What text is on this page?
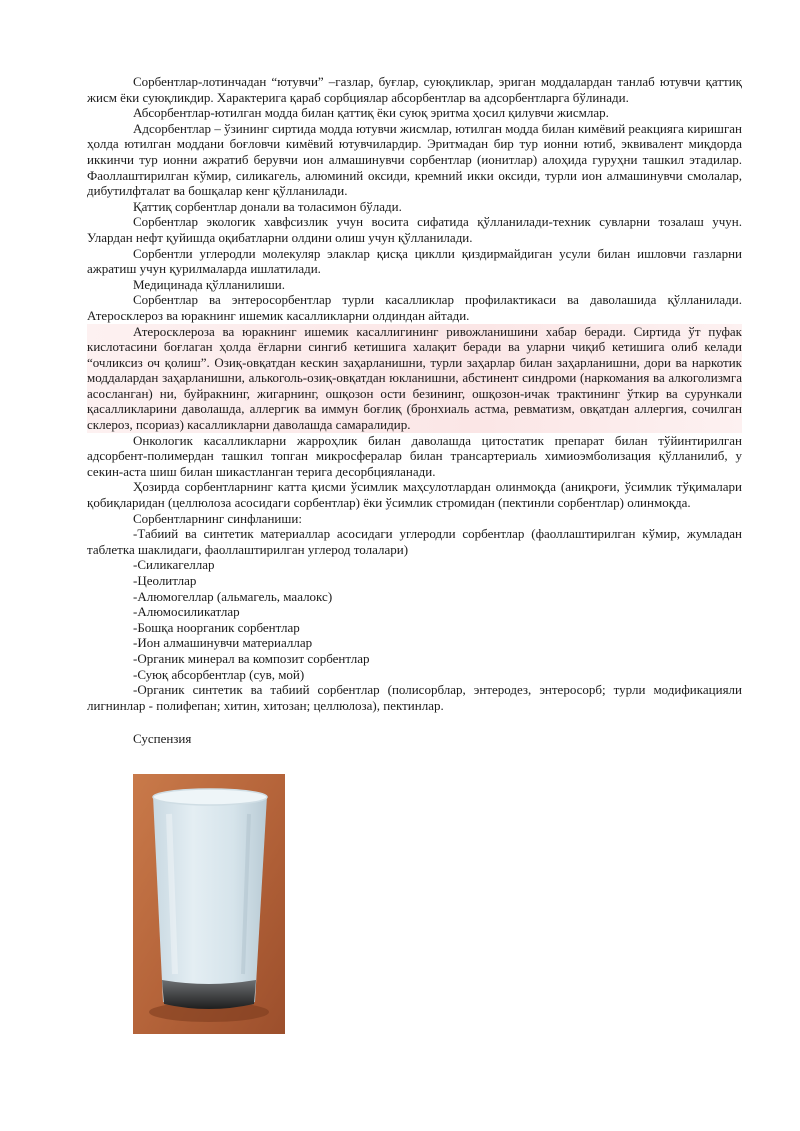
Сорбентлар-лотинчадан “ютувчи” –газлар, буғлар, суюқликлар, эриган моддалардан танлаб ютувчи қаттиқ жисм ёки суюқликдир. Характерига қараб сорбциялар абсорбентлар ва адсорбентларга бўлинади.

Абсорбентлар-ютилган модда билан қаттиқ ёки суюқ эритма ҳосил қилувчи жисмлар.

Адсорбентлар – ўзининг сиртида модда ютувчи жисмлар, ютилган модда билан кимёвий реакцияга киришган ҳолда ютилган моддани боғловчи кимёвий ютувчилардир. Эритмадан бир тур ионни ютиб, эквивалент миқдорда иккинчи тур ионни ажратиб берувчи ион алмашинувчи сорбентлар (ионитлар) алоҳида гуруҳни ташкил этадилар. Фаоллаштирилган кўмир, силикагель, алюминий оксиди, кремний икки оксиди, турли ион алмашинувчи смолалар, дибутилфталат ва бошқалар кенг қўлланилади.

Қаттиқ сорбентлар донали ва толасимон бўлади.

Сорбентлар экологик хавфсизлик учун восита сифатида қўлланилади-техник сувларни тозалаш учун. Улардан нефт қуйишда оқибатларни олдини олиш учун қўлланилади.

Сорбентли углеродли молекуляр элаклар қисқа циклли қиздирмайдиган усули билан ишловчи газларни ажратиш учун қурилмаларда ишлатилади.

Медицинада қўлланилиши.

Сорбентлар ва энтеросорбентлар турли касалликлар профилактикаси ва даволашида қўлланилади. Атеросклероз ва юракнинг ишемик касалликларни олдиндан айтади.

Атеросклероза ва юракнинг ишемик касаллигининг ривожланишини хабар беради. Сиртида ўт пуфак кислотасини боғлаган ҳолда ёғларни сингиб кетишига халақит беради ва уларни чиқиб кетишига олиб келади “очликсиз оч қолиш”. Озиқ-овқатдан кескин заҳарланишни, турли заҳарлар билан заҳарланишни, дори ва наркотик моддалардан заҳарланишни, алькоголь-озиқ-овқатдан юкланишни, абстинент синдроми (наркомания ва алкоголизмга асосланган) ни, буйракнинг, жигарнинг, ошқозон ости безининг, ошқозон-ичак трактининг ўткир ва сурункали қасалликларини даволашда, аллергик ва иммун боғлиқ (бронхиаль астма, ревматизм, овқатдан аллергия, сочилган склероз, псориаз) касалликларни даволашда самаралидир.

Онкологик касалликларни жарроҳлик билан даволашда цитостатик препарат билан тўйинтирилган адсорбент-полимердан ташкил топган микросфералар билан трансартериаль химиоэмболизация қўлланилиб, у секин-аста шиш билан шикастланган терига десорбцияланади.

Ҳозирда сорбентларнинг катта қисми ўсимлик маҳсулотлардан олинмоқда (аниқроғи, ўсимлик тўқималари қобиқларидан (целлюлоза асосидаги сорбентлар) ёки ўсимлик стромидан (пектинли сорбентлар) олинмоқда.

Сорбентларнинг синфланиши:

-Табиий ва синтетик материаллар асосидаги углеродли сорбентлар (фаоллаштирилган кўмир, жумладан таблетка шаклидаги, фаоллаштирилган углерод толалари)

-Силикагеллар

-Цеолитлар

-Алюмогеллар (альмагель, маалокс)

-Алюмосиликатлар

-Бошқа ноорганик сорбентлар

-Ион алмашинувчи материаллар

-Органик минерал ва композит сорбентлар

-Суюқ абсорбентлар (сув, мой)

-Органик синтетик ва табиий сорбентлар (полисорблар, энтеродез, энтеросорб; турли модификацияли лигнинлар - полифепан; хитин, хитозан; целлюлоза), пектинлар.

Суспензия
